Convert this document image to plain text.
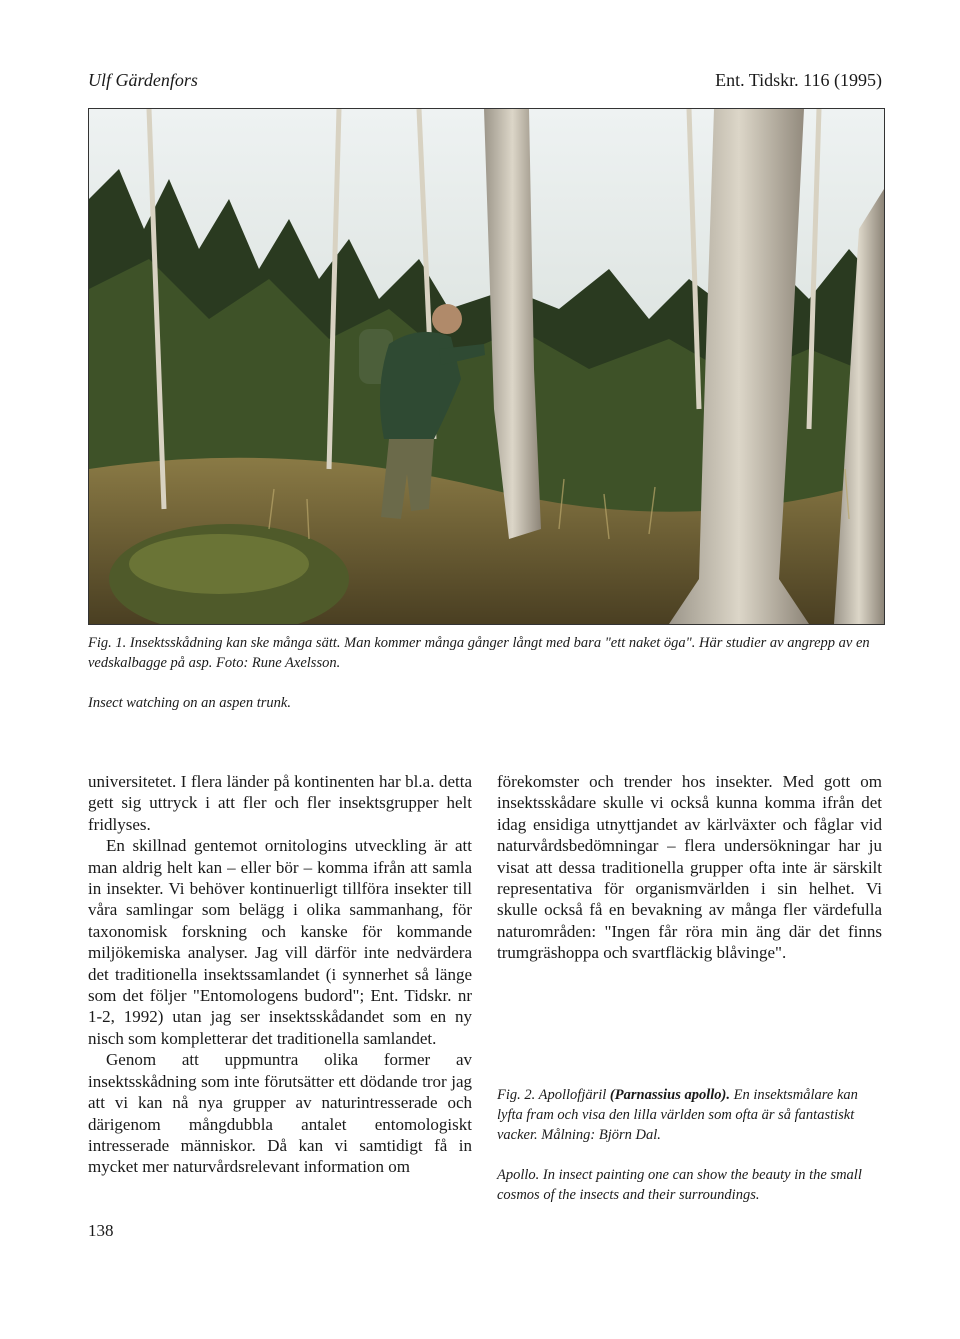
Ulf Gärdenfors	Ent. Tidskr. 116 (1995)
Fig. 1. Insektsskådning kan ske många sätt. Man kommer många gånger långt med bara "ett naket öga". Här studier av angrepp av en vedskalbagge på asp. Foto: Rune Axelsson.
Insect watching on an aspen trunk.

universitetet. I flera länder på kontinenten har bl.a. detta gett sig uttryck i att fler och fler insektsgrupper helt fridlyses.

En skillnad gentemot ornitologins utveckling är att man aldrig helt kan – eller bör – komma ifrån att samla in insekter. Vi behöver kontinuerligt tillföra insekter till våra samlingar som belägg i olika sammanhang, för taxonomisk forskning och kanske för kommande miljökemiska analyser. Jag vill därför inte nedvärdera det traditionella insektssamlandet (i synnerhet så länge som det följer "Entomologens budord"; Ent. Tidskr. nr 1-2, 1992) utan jag ser insektsskådandet som en ny nisch som kompletterar det traditionella samlandet.

Genom att uppmuntra olika former av insektsskådning som inte förutsätter ett dödande tror jag att vi kan nå nya grupper av naturintresserade och därigenom mångdubbla antalet entomologiskt intresserade människor. Då kan vi samtidigt få in mycket mer naturvårdsrelevant information om

förekomster och trender hos insekter. Med gott om insektsskådare skulle vi också kunna komma ifrån det idag ensidiga utnyttjandet av kärlväxter och fåglar vid naturvårdsbedömningar – flera undersökningar har ju visat att dessa traditionella grupper ofta inte är särskilt representativa för organismvärlden i sin helhet. Vi skulle också få en bevakning av många fler värdefulla naturområden: "Ingen får röra min äng där det finns trumgräshoppa och svartfläckig blåvinge".

Fig. 2. Apollofjäril (Parnassius apollo). En insektsmålare kan lyfta fram och visa den lilla världen som ofta är så fantastiskt vacker. Målning: Björn Dal.
Apollo. In insect painting one can show the beauty in the small cosmos of the insects and their surroundings.
138
